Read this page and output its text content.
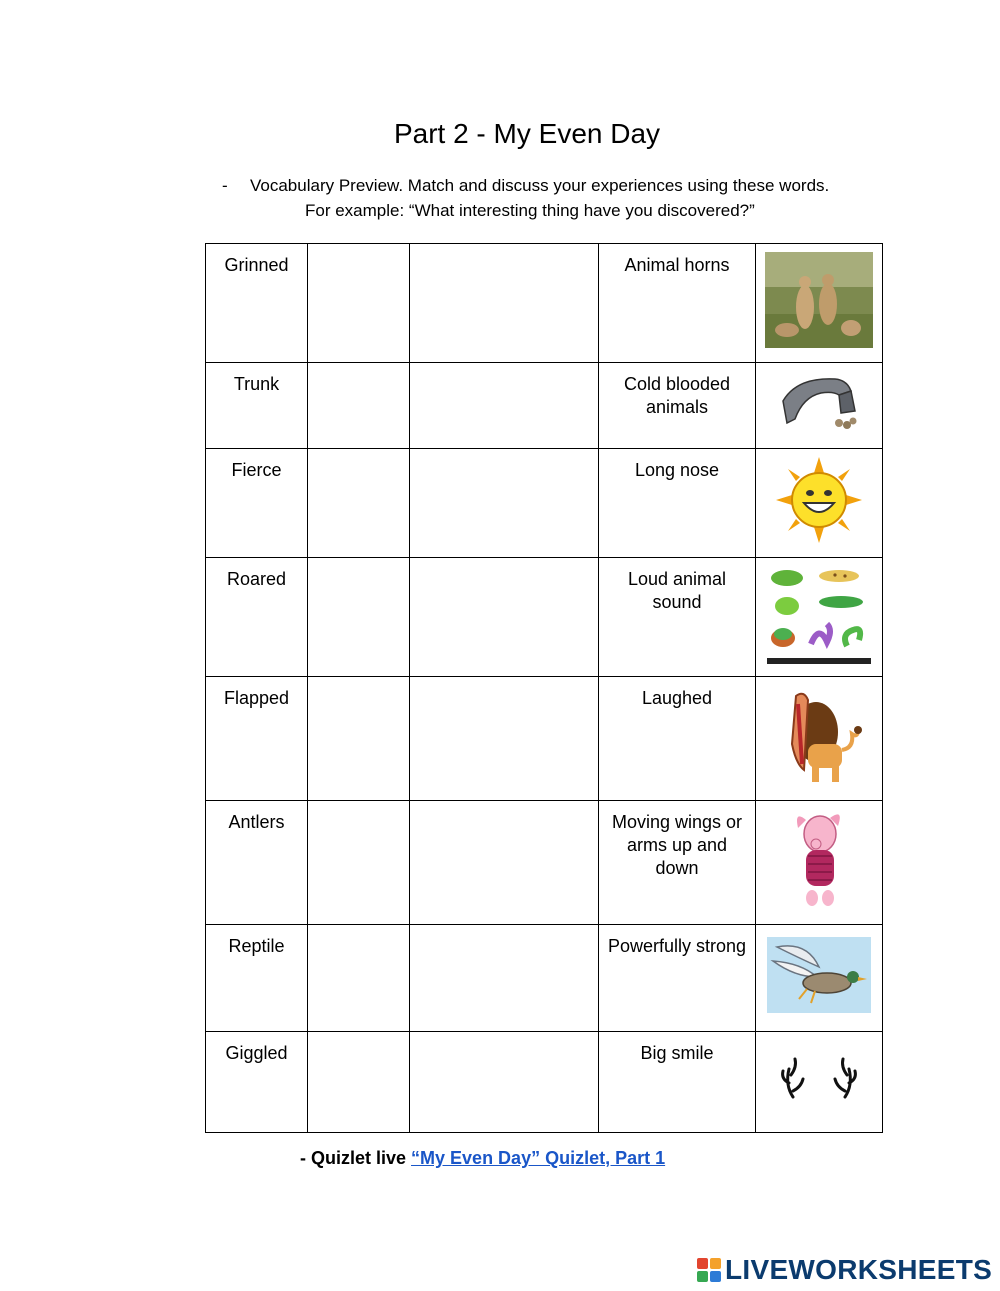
Part 2 - My Even Day
- Vocabulary Preview. Match and discuss your experiences using these words.
For example: “What interesting thing have you discovered?”
Grinned			Animal horns	
Trunk			Cold blooded animals	
Fierce			Long nose	
Roared			Loud animal sound	
Flapped			Laughed	
Antlers			Moving wings or arms up and down	
Reptile			Powerfully strong	
Giggled			Big smile	
- Quizlet live “My Even Day” Quizlet, Part 1
LIVEWORKSHEETS
